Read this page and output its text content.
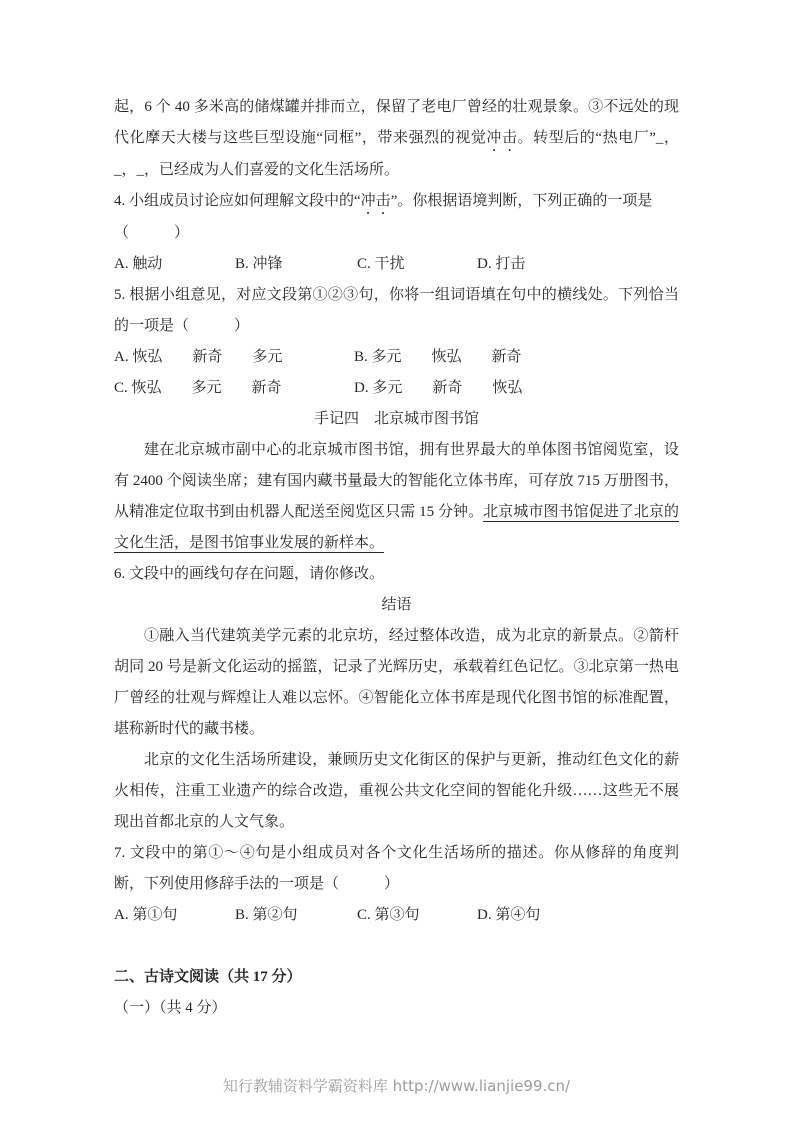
起，6 个 40 多米高的储煤罐并排而立，保留了老电厂曾经的壮观景象。③不远处的现代化摩天大楼与这些巨型设施“同框”，带来强烈的视觉冲击。转型后的“热电厂”_，_，_，已经成为人们喜爱的文化生活场所。

4. 小组成员讨论应如何理解文段中的“冲击”。你根据语境判断，下列正确的一项是

（　　　）

A. 触动	B. 冲锋	C. 干扰	D. 打击

5. 根据小组意见，对应文段第①②③句，你将一组词语填在句中的横线处。下列恰当的一项是（　　　）

A. 恢弘　　新奇　　多元	B. 多元　　恢弘　　新奇
C. 恢弘　　多元　　新奇	D. 多元　　新奇　　恢弘
手记四　北京城市图书馆

建在北京城市副中心的北京城市图书馆，拥有世界最大的单体图书馆阅览室，设有 2400 个阅读坐席；建有国内藏书量最大的智能化立体书库，可存放 715 万册图书，从精准定位取书到由机器人配送至阅览区只需 15 分钟。北京城市图书馆促进了北京的文化生活，是图书馆事业发展的新样本。

6. 文段中的画线句存在问题，请你修改。

结语

①融入当代建筑美学元素的北京坊，经过整体改造，成为北京的新景点。②箭杆胡同 20 号是新文化运动的摇篮，记录了光辉历史，承载着红色记忆。③北京第一热电厂曾经的壮观与辉煌让人难以忘怀。④智能化立体书库是现代化图书馆的标准配置，堪称新时代的藏书楼。

北京的文化生活场所建设，兼顾历史文化街区的保护与更新，推动红色文化的薪火相传，注重工业遗产的综合改造，重视公共文化空间的智能化升级……这些无不展现出首都北京的人文气象。

7. 文段中的第①～④句是小组成员对各个文化生活场所的描述。你从修辞的角度判断，下列使用修辞手法的一项是（　　　）

A. 第①句	B. 第②句	C. 第③句	D. 第④句
二、古诗文阅读（共 17 分）

（一）（共 4 分）

知行教辅资料学霸资料库 http://www.lianjie99.cn/
